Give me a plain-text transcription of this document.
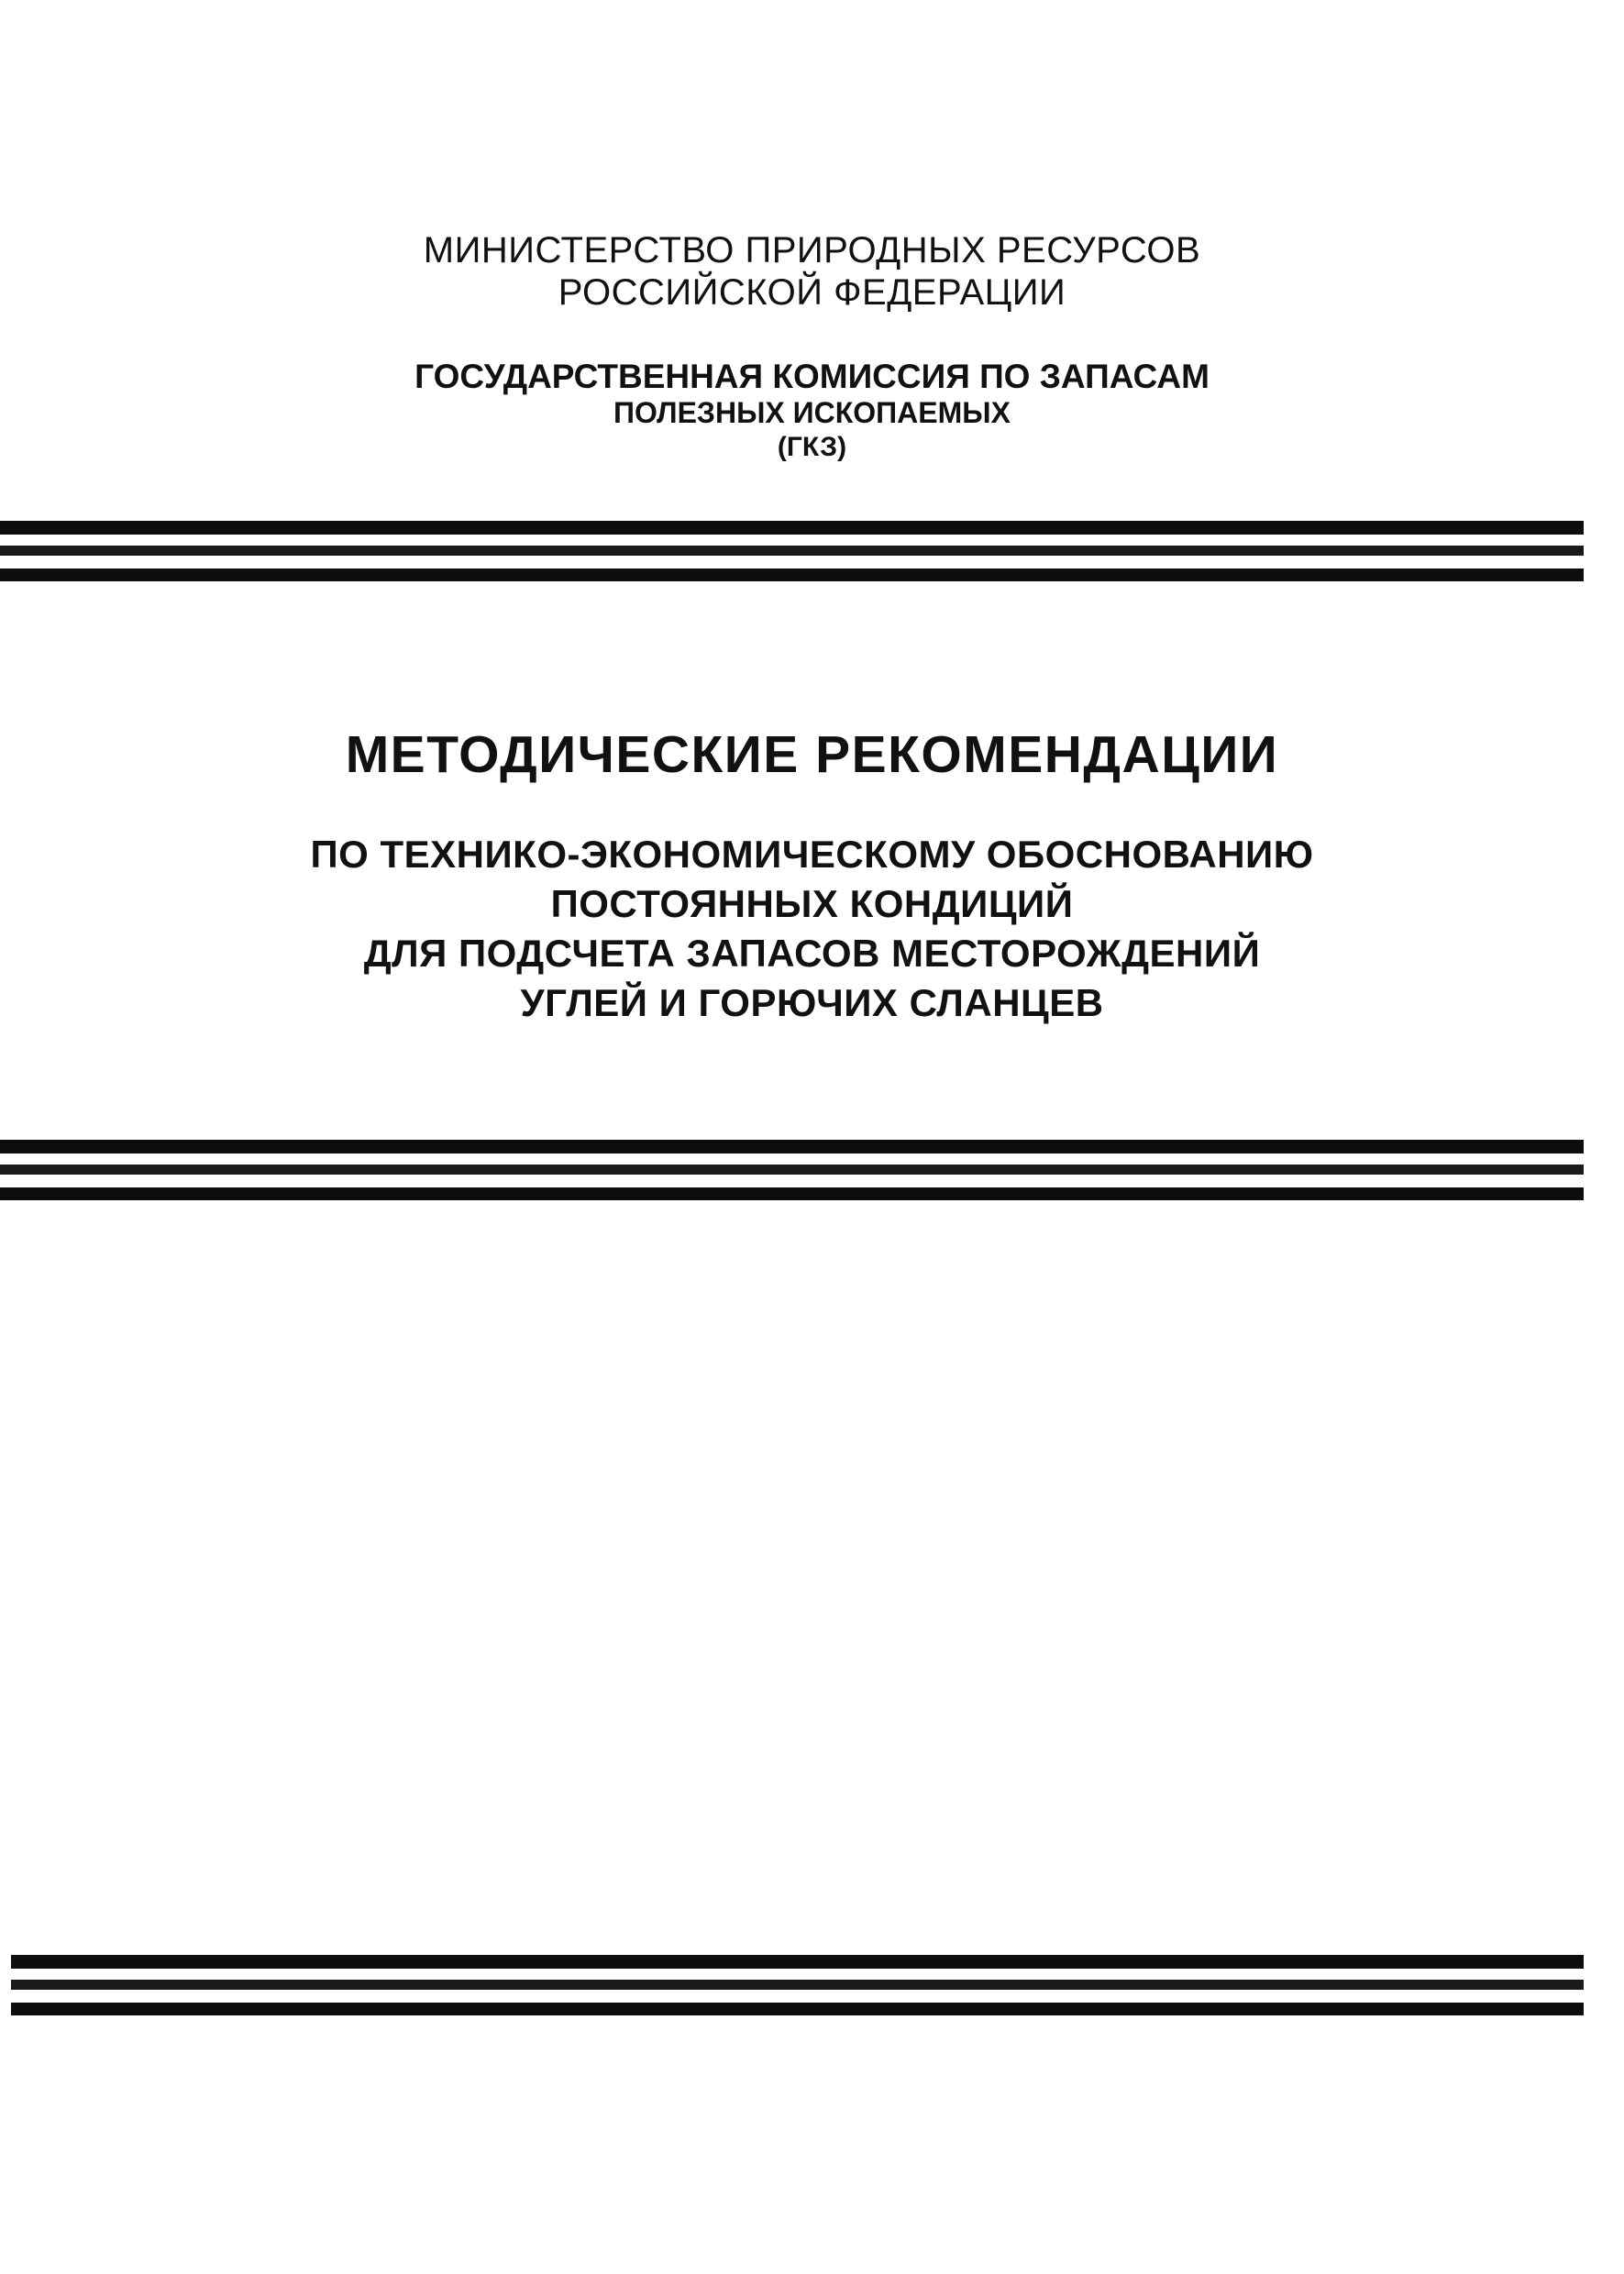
МИНИСТЕРСТВО ПРИРОДНЫХ РЕСУРСОВ
РОССИЙСКОЙ ФЕДЕРАЦИИ
ГОСУДАРСТВЕННАЯ КОМИССИЯ ПО ЗАПАСАМ
ПОЛЕЗНЫХ ИСКОПАЕМЫХ
(ГКЗ)
МЕТОДИЧЕСКИЕ РЕКОМЕНДАЦИИ
ПО ТЕХНИКО-ЭКОНОМИЧЕСКОМУ ОБОСНОВАНИЮ
ПОСТОЯННЫХ КОНДИЦИЙ
ДЛЯ ПОДСЧЕТА ЗАПАСОВ МЕСТОРОЖДЕНИЙ
УГЛЕЙ И ГОРЮЧИХ СЛАНЦЕВ
